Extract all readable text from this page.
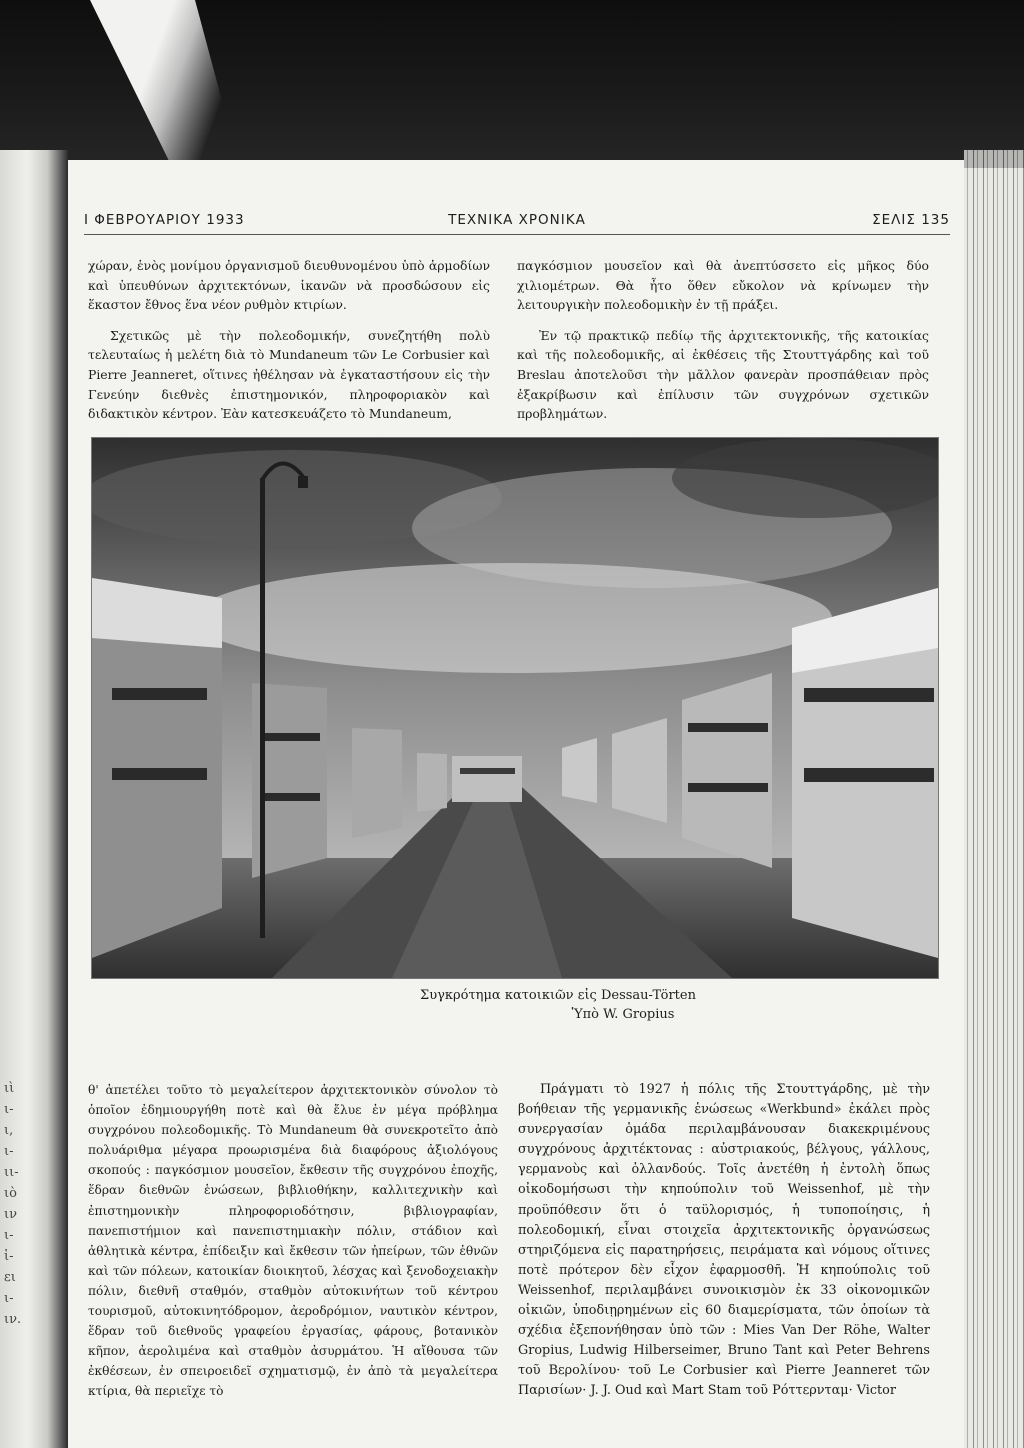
ιὶ
ι-
ι,
ι-
ιι-
ιὸ
ιν
ι-
ἱ-
ει
ι-
ιν.
Ι ΦΕΒΡΟΥΑΡΙΟΥ 1933	ΤΕΧΝΙΚΑ ΧΡΟΝΙΚΑ	ΣΕΛΙΣ 135

χώραν, ἑνὸς μονίμου ὀργανισμοῦ διευθυνομένου ὑπὸ ἁρμοδίων καὶ ὑπευθύνων ἀρχιτεκτόνων, ἱκανῶν νὰ προσδώσουν εἰς ἕκαστον ἔθνος ἕνα νέον ρυθμὸν κτιρίων.

Σχετικῶς μὲ τὴν πολεοδομικήν, συνεζητήθη πολὺ τελευταίως ἡ μελέτη διὰ τὸ Mundaneum τῶν Le Corbusier καὶ Pierre Jeanneret, οἵτινες ἠθέλησαν νὰ ἐγκαταστήσουν εἰς τὴν Γενεύην διεθνὲς ἐπιστημονικόν, πληροφοριακὸν καὶ διδακτικὸν κέντρον. Ἐὰν κατεσκευάζετο τὸ Mundaneum,

παγκόσμιον μουσεῖον καὶ θὰ ἀνεπτύσσετο εἰς μῆκος δύο χιλιομέτρων. Θὰ ἦτο ὅθεν εὔκολον νὰ κρίνωμεν τὴν λειτουργικὴν πολεοδομικὴν ἐν τῇ πράξει.

Ἐν τῷ πρακτικῷ πεδίῳ τῆς ἀρχιτεκτονικῆς, τῆς κατοικίας καὶ τῆς πολεοδομικῆς, αἱ ἐκθέσεις τῆς Στουττγάρδης καὶ τοῦ Breslau ἀποτελοῦσι τὴν μᾶλλον φανερὰν προσπάθειαν πρὸς ἐξακρίβωσιν καὶ ἐπίλυσιν τῶν συγχρόνων σχετικῶν προβλημάτων.

Συγκρότημα κατοικιῶν εἰς Dessau-Törten
Ὑπὸ W. Gropius

θ' ἀπετέλει τοῦτο τὸ μεγαλείτερον ἀρχιτεκτονικὸν σύνολον τὸ ὁποῖον ἐδημιουργήθη ποτὲ καὶ θὰ ἔλυε ἐν μέγα πρόβλημα συγχρόνου πολεοδομικῆς. Τὸ Mundaneum θὰ συνεκροτεῖτο ἀπὸ πολυάριθμα μέγαρα προωρισμένα διὰ διαφόρους ἀξιολόγους σκοπούς : παγκόσμιον μουσεῖον, ἔκθεσιν τῆς συγχρόνου ἐποχῆς, ἕδραν διεθνῶν ἑνώσεων, βιβλιοθήκην, καλλιτεχνικὴν καὶ ἐπιστημονικὴν πληροφοριοδότησιν, βιβλιογραφίαν, πανεπιστήμιον καὶ πανεπιστημιακὴν πόλιν, στάδιον καὶ ἀθλητικὰ κέντρα, ἐπίδειξιν καὶ ἔκθεσιν τῶν ἠπείρων, τῶν ἐθνῶν καὶ τῶν πόλεων, κατοικίαν διοικητοῦ, λέσχας καὶ ξενοδοχειακὴν πόλιν, διεθνῆ σταθμόν, σταθμὸν αὐτοκινήτων τοῦ κέντρου τουρισμοῦ, αὐτοκινητόδρομον, ἀεροδρόμιον, ναυτικὸν κέντρον, ἕδραν τοῦ διεθνοῦς γραφείου ἐργασίας, φάρους, βοτανικὸν κῆπον, ἀερολιμένα καὶ σταθμὸν ἀσυρμάτου. Ἡ αἴθουσα τῶν ἐκθέσεων, ἐν σπειροειδεῖ σχηματισμῷ, ἐν ἀπὸ τὰ μεγαλείτερα κτίρια, θὰ περιεῖχε τὸ

Πράγματι τὸ 1927 ἡ πόλις τῆς Στουττγάρδης, μὲ τὴν βοήθειαν τῆς γερμανικῆς ἑνώσεως «Werkbund» ἐκάλει πρὸς συνεργασίαν ὁμάδα περιλαμβάνουσαν διακεκριμένους συγχρόνους ἀρχιτέκτονας : αὐστριακούς, βέλγους, γάλλους, γερμανοὺς καὶ ὀλλανδούς. Τοῖς ἀνετέθη ἡ ἐντολὴ ὅπως οἰκοδομήσωσι τὴν κηπούπολιν τοῦ Weissenhof, μὲ τὴν προϋπόθεσιν ὅτι ὁ ταϋλορισμός, ἡ τυποποίησις, ἡ πολεοδομική, εἶναι στοιχεῖα ἀρχιτεκτονικῆς ὀργανώσεως στηριζόμενα εἰς παρατηρήσεις, πειράματα καὶ νόμους οἵτινες ποτὲ πρότερον δὲν εἶχον ἐφαρμοσθῆ. Ἡ κηπούπολις τοῦ Weissenhof, περιλαμβάνει συνοικισμὸν ἐκ 33 οἰκονομικῶν οἰκιῶν, ὑποδιῃρημένων εἰς 60 διαμερίσματα, τῶν ὁποίων τὰ σχέδια ἐξεπονήθησαν ὑπὸ τῶν : Mies Van Der Röhe, Walter Gropius, Ludwig Hilberseimer, Bruno Tant καὶ Peter Behrens τοῦ Βερολίνου· τοῦ Le Corbusier καὶ Pierre Jeanneret τῶν Παρισίων· J. J. Oud καὶ Mart Stam τοῦ Ρόττερνταμ· Victor
